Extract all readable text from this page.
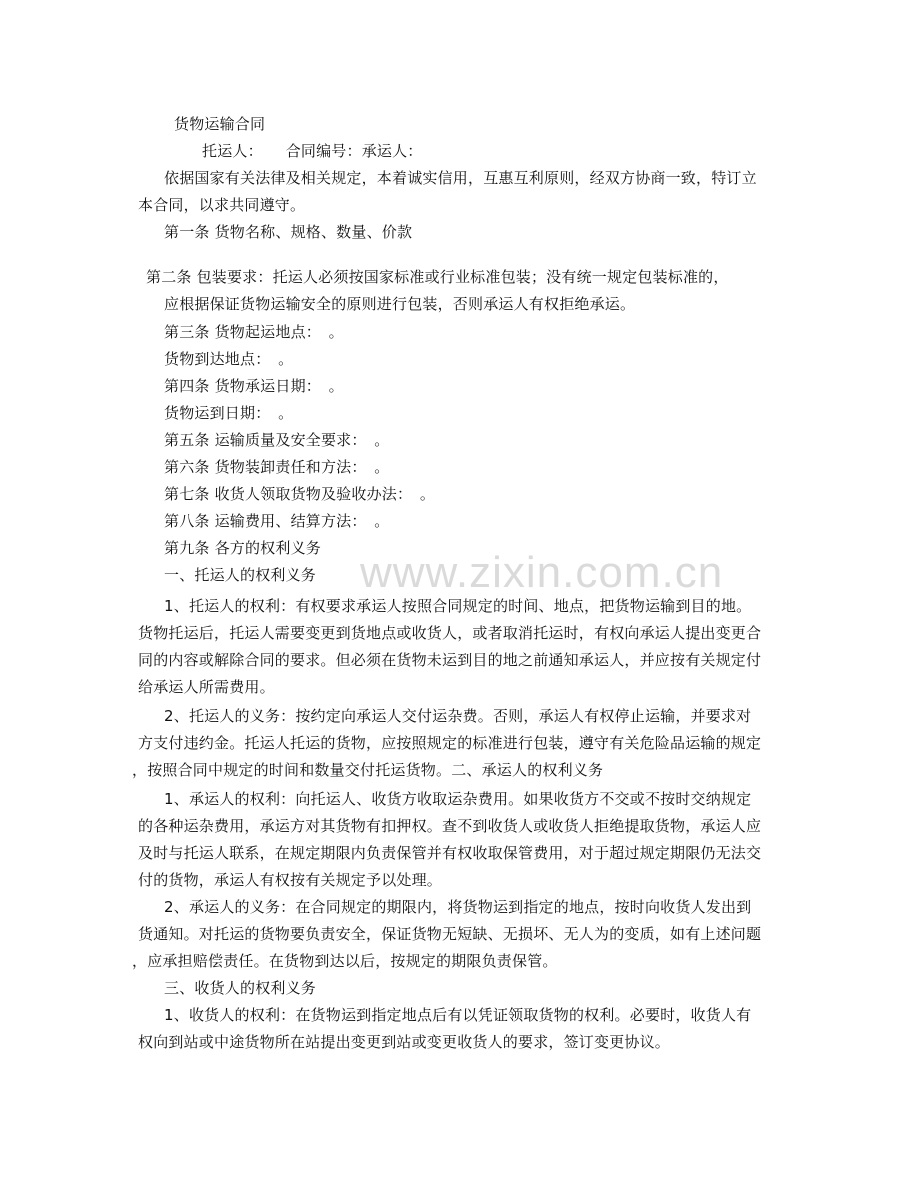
www.zixin.com.cn
货物运输合同
托运人：　　合同编号：承运人：
依据国家有关法律及相关规定，本着诚实信用，互惠互利原则，经双方协商一致，特订立
本合同，以求共同遵守。
第一条 货物名称、规格、数量、价款
第二条 包装要求：托运人必须按国家标准或行业标准包装；没有统一规定包装标准的，
应根据保证货物运输安全的原则进行包装，否则承运人有权拒绝承运。
第三条 货物起运地点：　。
货物到达地点：　。
第四条 货物承运日期：　。
货物运到日期：　。
第五条 运输质量及安全要求：　。
第六条 货物装卸责任和方法：　。
第七条 收货人领取货物及验收办法：　。
第八条 运输费用、结算方法：　。
第九条 各方的权利义务
一、托运人的权利义务
1、托运人的权利：有权要求承运人按照合同规定的时间、地点，把货物运输到目的地。
货物托运后，托运人需要变更到货地点或收货人，或者取消托运时，有权向承运人提出变更合
同的内容或解除合同的要求。但必须在货物未运到目的地之前通知承运人，并应按有关规定付
给承运人所需费用。
2、托运人的义务：按约定向承运人交付运杂费。否则，承运人有权停止运输，并要求对
方支付违约金。托运人托运的货物，应按照规定的标准进行包装，遵守有关危险品运输的规定
，按照合同中规定的时间和数量交付托运货物。二、承运人的权利义务
1、承运人的权利：向托运人、收货方收取运杂费用。如果收货方不交或不按时交纳规定
的各种运杂费用，承运方对其货物有扣押权。查不到收货人或收货人拒绝提取货物，承运人应
及时与托运人联系，在规定期限内负责保管并有权收取保管费用，对于超过规定期限仍无法交
付的货物，承运人有权按有关规定予以处理。
2、承运人的义务：在合同规定的期限内，将货物运到指定的地点，按时向收货人发出到
货通知。对托运的货物要负责安全，保证货物无短缺、无损坏、无人为的变质，如有上述问题
，应承担赔偿责任。在货物到达以后，按规定的期限负责保管。
三、收货人的权利义务
1、收货人的权利：在货物运到指定地点后有以凭证领取货物的权利。必要时，收货人有
权向到站或中途货物所在站提出变更到站或变更收货人的要求，签订变更协议。
